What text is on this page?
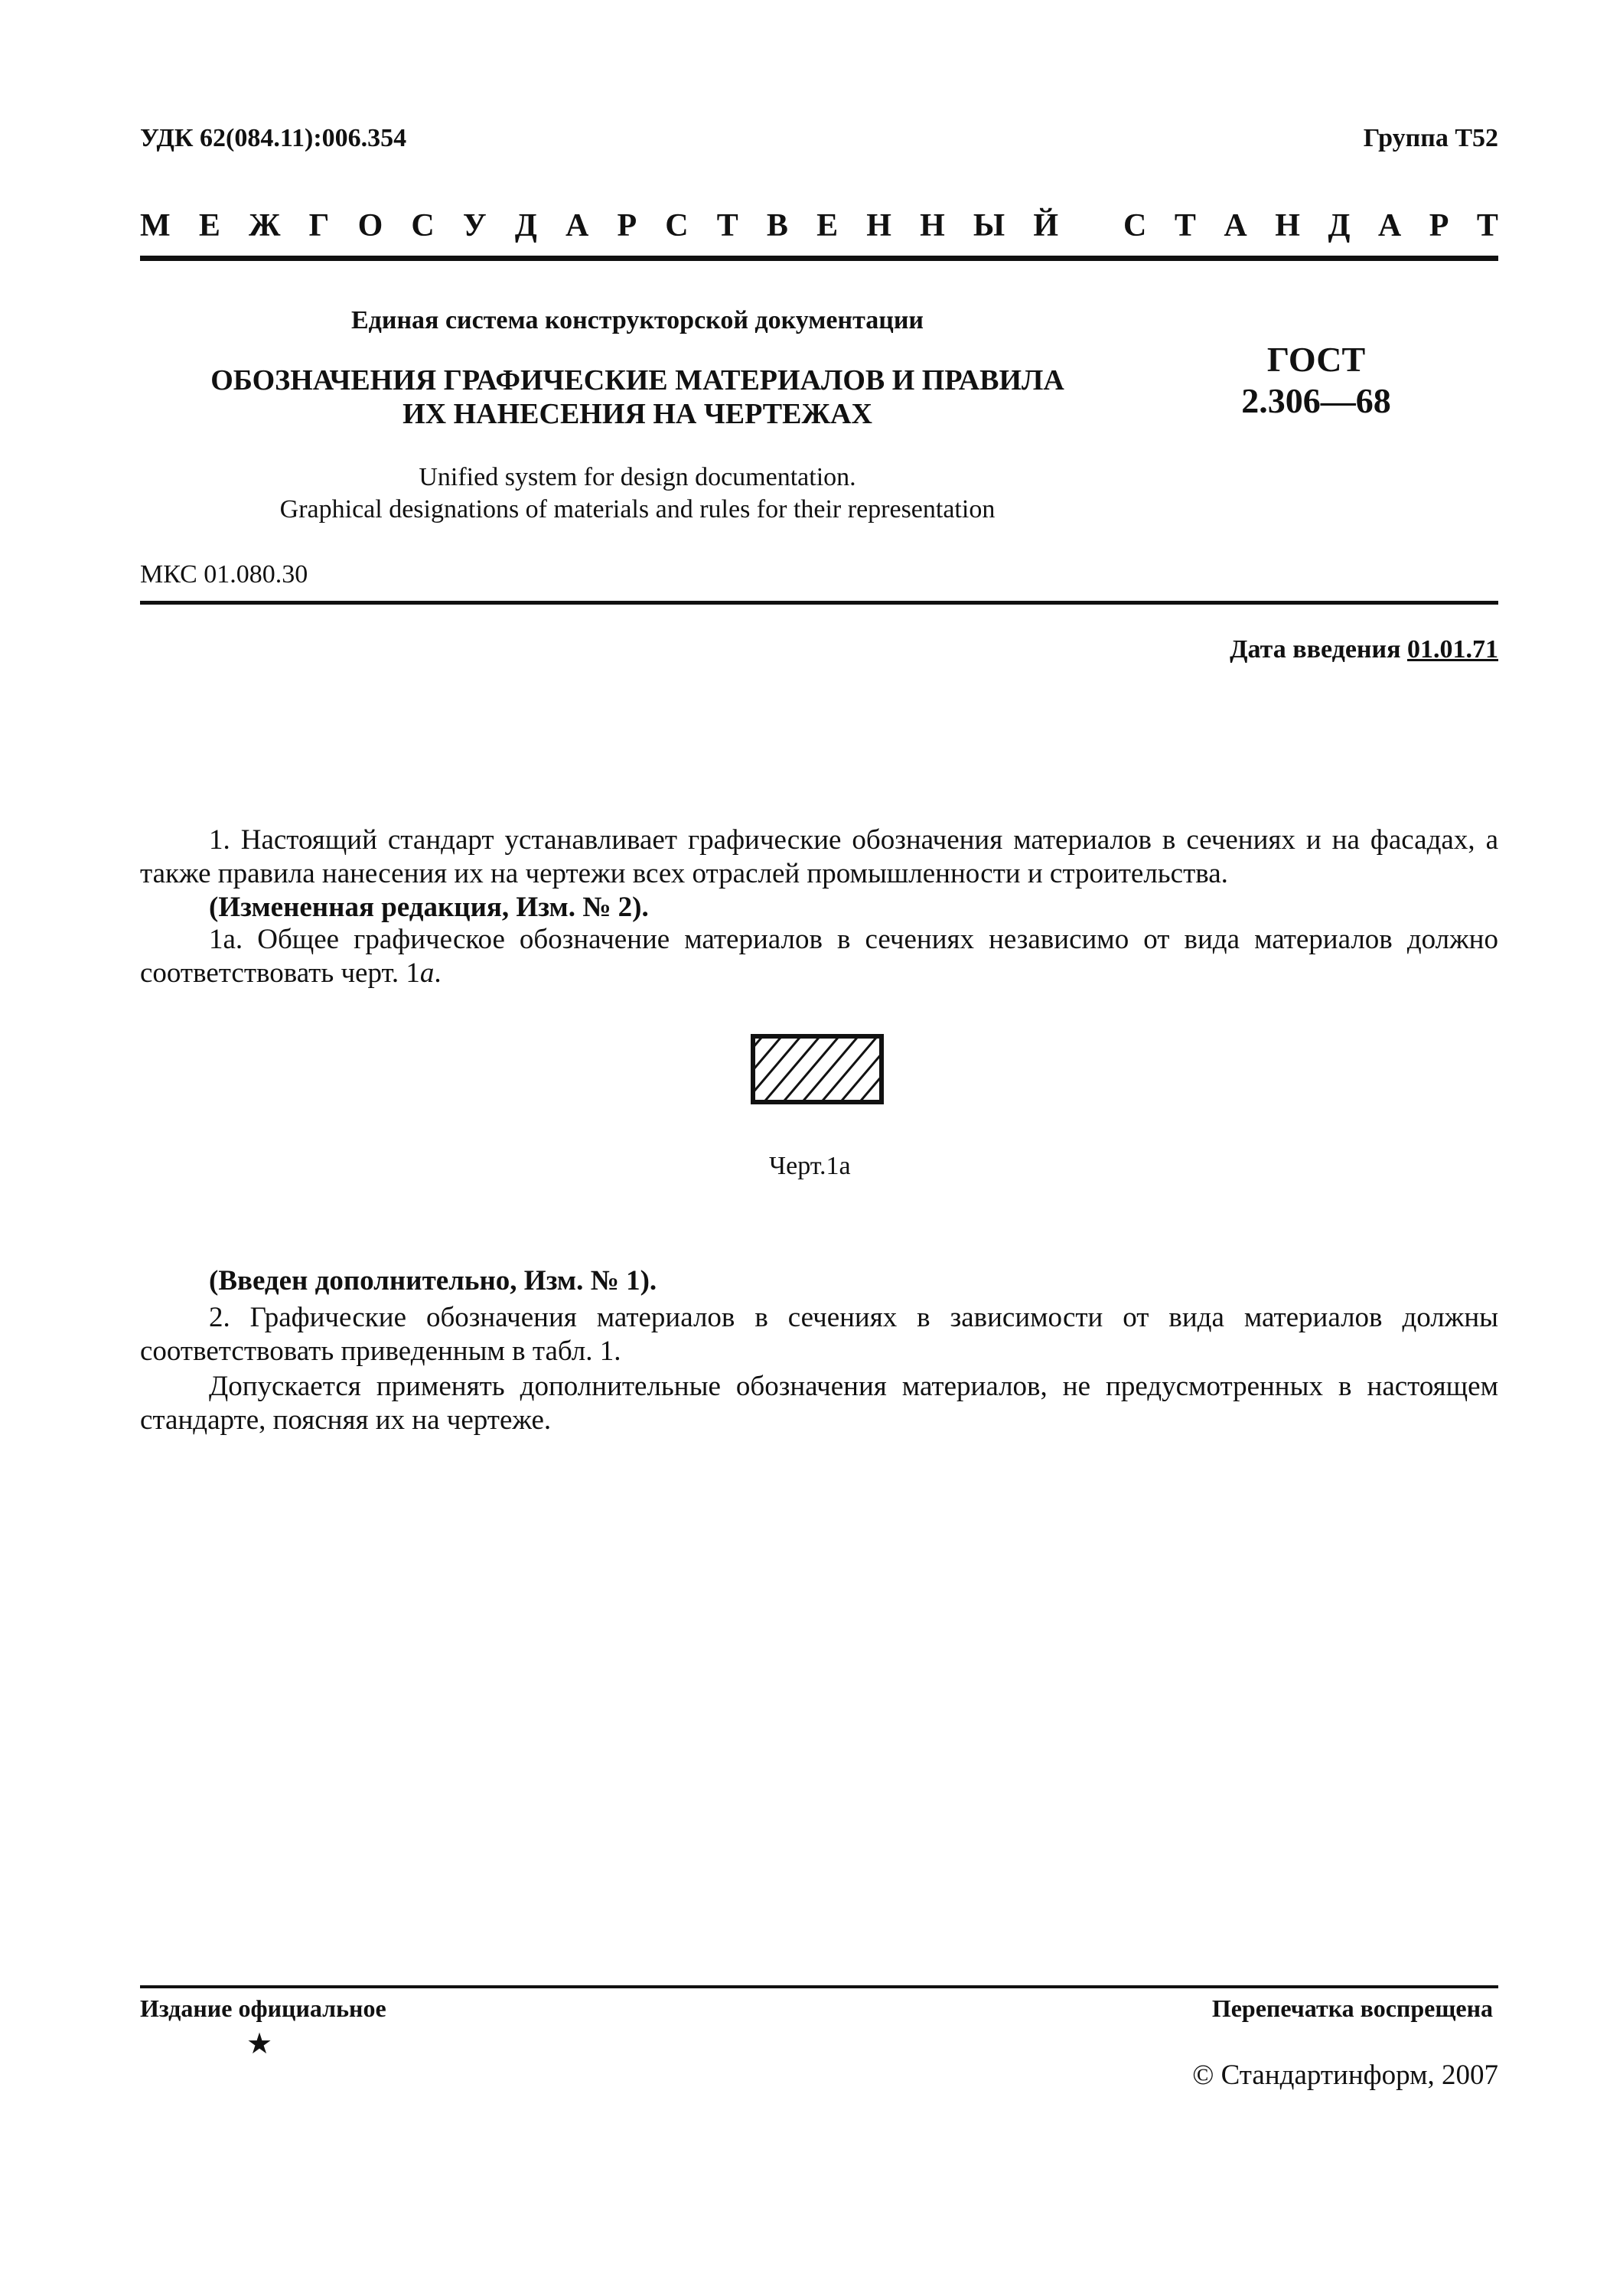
УДК 62(084.11):006.354	Группа Т52
М Е Ж Г О С У Д А Р С Т В Е Н Н Ы Й С Т А Н Д А Р Т
Единая система конструкторской документации
ОБОЗНАЧЕНИЯ ГРАФИЧЕСКИЕ МАТЕРИАЛОВ И ПРАВИЛА
ИХ НАНЕСЕНИЯ НА ЧЕРТЕЖАХ
ГОСТ
2.306—68
Unified system for design documentation.
Graphical designations of materials and rules for their representation
МКС 01.080.30
Дата введения 01.01.71
1. Настоящий стандарт устанавливает графические обозначения материалов в сечениях и на фасадах, а также правила нанесения их на чертежи всех отраслей промышленности и строительства.
(Измененная редакция, Изм. № 2).
1а. Общее графическое обозначение материалов в сечениях независимо от вида материалов должно соответствовать черт. 1а.
Черт.1а
(Введен дополнительно, Изм. № 1).
2. Графические обозначения материалов в сечениях в зависимости от вида материалов должны соответствовать приведенным в табл. 1.
Допускается применять дополнительные обозначения материалов, не предусмотренных в настоящем стандарте, поясняя их на чертеже.
Издание официальное
★
Перепечатка воспрещена
© Стандартинформ, 2007
